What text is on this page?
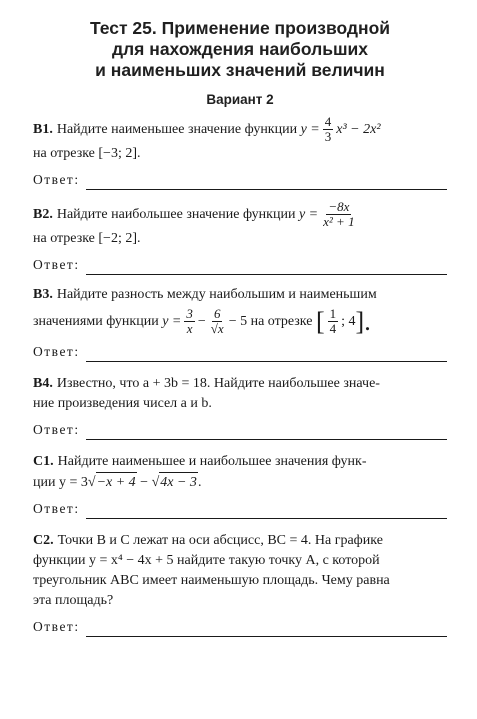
Тест 25. Применение производной
для нахождения наибольших
и наименьших значений величин
Вариант 2
В1. Найдите наименьшее значение функции
$y = \frac{4}{3} x^3 - 2x^2$
на отрезке [−3; 2].
Ответ:
В2. Найдите наибольшее значение функции
$y = \frac{-8x}{\text{x² + 1}}$
на отрезке [−2; 2].
Ответ:
В3. Найдите разность между наибольшим и наименьшим
значениями функции
$y = \frac{3}{x} - \frac{6}{√x} - 5$ на отрезке
[ $\frac{1}{4}$ ; 4 ].
Ответ:
В4. Известно, что a + 3b = 18. Найдите наибольшее значе-
ние произведения чисел a и b.
Ответ:
С1. Найдите наименьшее и наибольшее значения функ-
ции y = 3 √ −x + 4 − √ 4x − 3 .
Ответ:
С2. Точки B и C лежат на оси абсцисс, BC = 4. На графике
функции y = x⁴ − 4x + 5 найдите такую точку A, с которой
треугольник ABC имеет наименьшую площадь. Чему равна
эта площадь?
Ответ:
